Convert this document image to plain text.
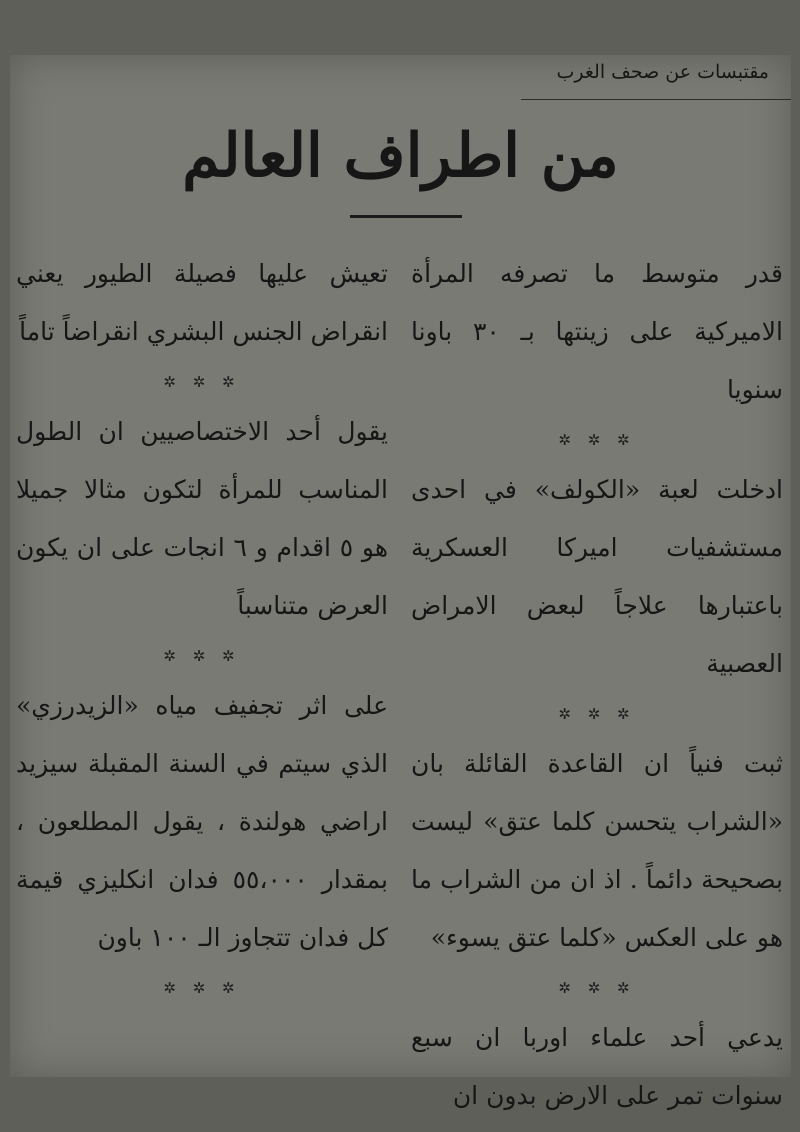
مقتبسات عن صحف الغرب
من اطراف العالم

قدر متوسط ما تصرفه المرأة الاميركية على زينتها بـ ٣٠ باونا سنويا

✲ ✲ ✲

ادخلت لعبة «الكولف» في احدى مستشفيات اميركا العسكرية باعتبارها علاجاً لبعض الامراض العصبية

✲ ✲ ✲

ثبت فنياً ان القاعدة القائلة بان «الشراب يتحسن كلما عتق» ليست بصحيحة دائماً . اذ ان من الشراب ما هو على العكس «كلما عتق يسوء»

✲ ✲ ✲

يدعي أحد علماء اوربا ان سبع سنوات تمر على الارض بدون ان

تعيش عليها فصيلة الطيور يعني انقراض الجنس البشري انقراضاً تاماً

✲ ✲ ✲

يقول أحد الاختصاصيين ان الطول المناسب للمرأة لتكون مثالا جميلا هو ٥ اقدام و ٦ انجات على ان يكون العرض متناسباً

✲ ✲ ✲

على اثر تجفيف مياه «الزيدرزي» الذي سيتم في السنة المقبلة سيزيد اراضي هولندة ، يقول المطلعون ، بمقدار ٥٥،٠٠٠ فدان انكليزي قيمة كل فدان تتجاوز الـ ١٠٠ باون

✲ ✲ ✲
